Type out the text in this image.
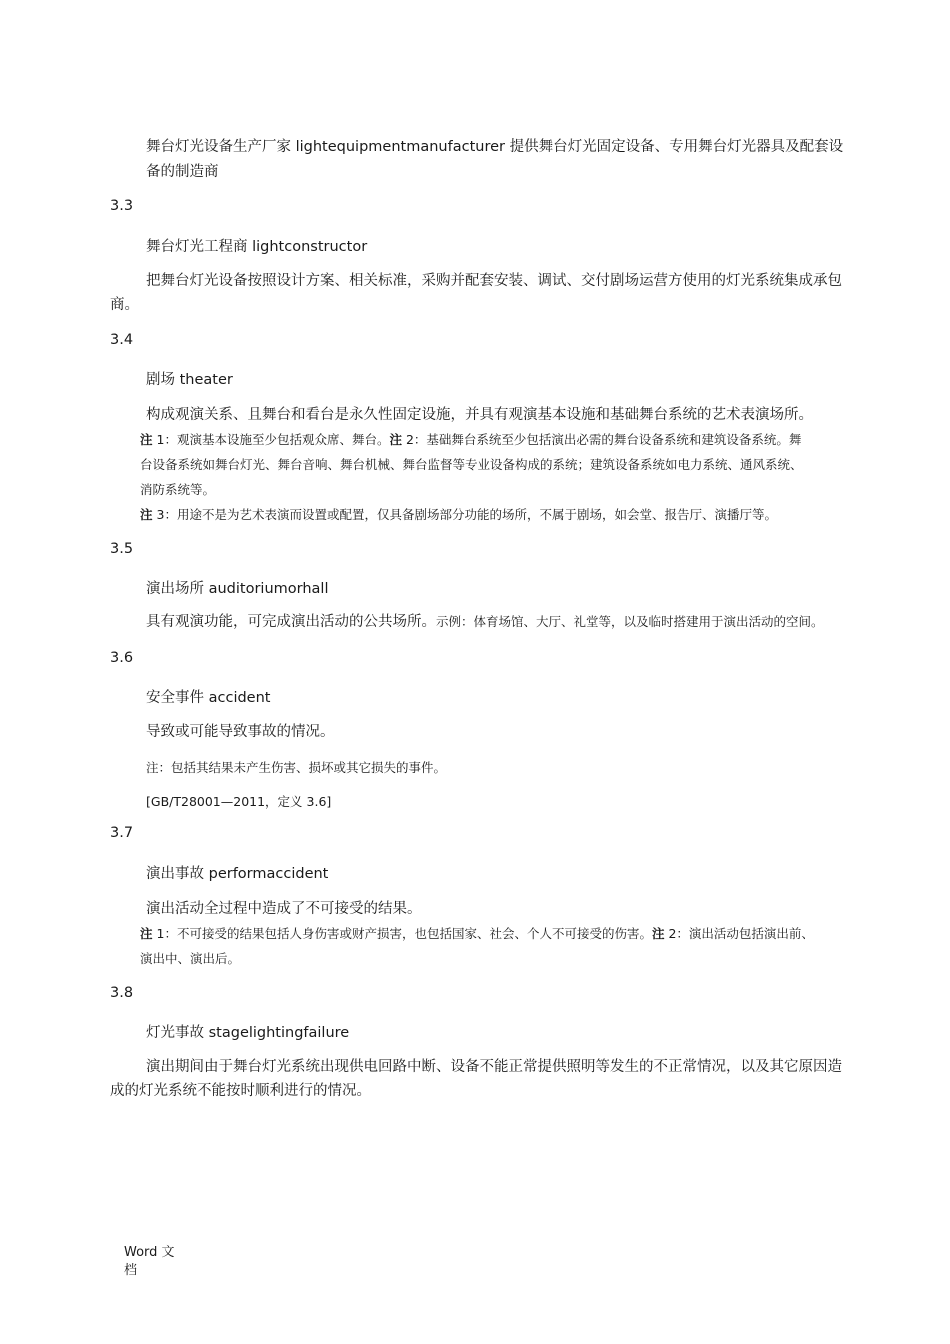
舞台灯光设备生产厂家 lightequipmentmanufacturer 提供舞台灯光固定设备、专用舞台灯光器具及配套设
备的制造商
3.3
舞台灯光工程商 lightconstructor
把舞台灯光设备按照设计方案、相关标准，采购并配套安装、调试、交付剧场运营方使用的灯光系统集成承包
商。
3.4
剧场 theater
构成观演关系、且舞台和看台是永久性固定设施，并具有观演基本设施和基础舞台系统的艺术表演场所。
注 1：观演基本设施至少包括观众席、舞台。注 2：基础舞台系统至少包括演出必需的舞台设备系统和建筑设备系统。舞
台设备系统如舞台灯光、舞台音响、舞台机械、舞台监督等专业设备构成的系统；建筑设备系统如电力系统、通风系统、
消防系统等。
注 3：用途不是为艺术表演而设置或配置，仅具备剧场部分功能的场所，不属于剧场，如会堂、报告厅、演播厅等。
3.5
演出场所 auditoriumorhall
具有观演功能，可完成演出活动的公共场所。示例：体育场馆、大厅、礼堂等，以及临时搭建用于演出活动的空间。
3.6
安全事件 accident
导致或可能导致事故的情况。
注：包括其结果未产生伤害、损坏或其它损失的事件。
[GB/T28001—2011，定义 3.6]
3.7
演出事故 performaccident
演出活动全过程中造成了不可接受的结果。
注 1：不可接受的结果包括人身伤害或财产损害，也包括国家、社会、个人不可接受的伤害。注 2：演出活动包括演出前、
演出中、演出后。
3.8
灯光事故 stagelightingfailure
演出期间由于舞台灯光系统出现供电回路中断、设备不能正常提供照明等发生的不正常情况，以及其它原因造
成的灯光系统不能按时顺利进行的情况。
Word 文
档
